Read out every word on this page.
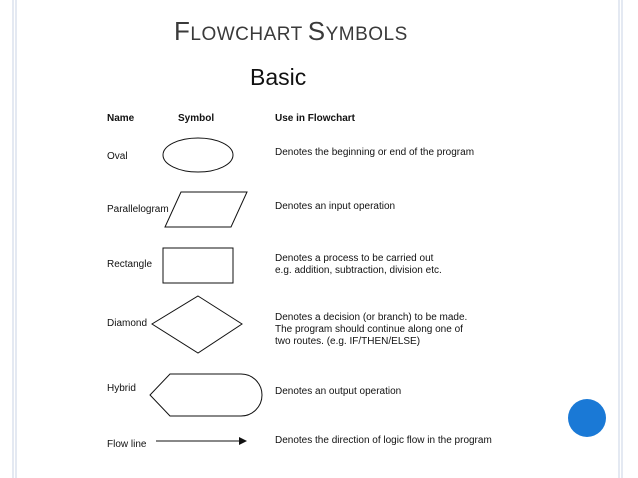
FLOWCHART SYMBOLS
Basic
Name	Symbol	Use in Flowchart
Oval
Parallelogram
Rectangle
Diamond
Hybrid
Flow line
Denotes the beginning or end of the program
Denotes an input operation
Denotes a process to be carried out
e.g. addition, subtraction, division etc.
Denotes a decision (or branch) to be made.
The program should continue along one of
two routes. (e.g. IF/THEN/ELSE)
Denotes an output operation
Denotes the direction of logic flow in the program
